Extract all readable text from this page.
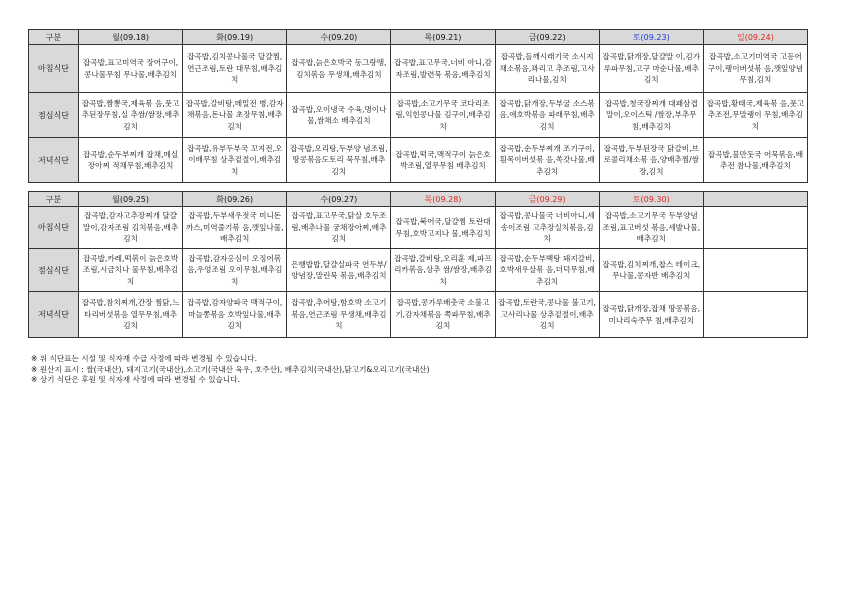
구분	월(09.18)	화(09.19)	수(09.20)	목(09.21)	금(09.22)	토(09.23)	일(09.24)
아침식단	잡곡밥,표고미역국 장어구이,콩나물무침 무나물,배추김치	잡곡밥,김치콩나물국 달걀찜,연근조림,토란 대무침,배추김치	잡곡밥,늙은호박국 동그랑땡,김치볶음 무생채,배추김치	잡곡밥,표고무국,너비 아니,감자조림,발련묵 볶음,배추김치	잡곡밥,들깨시래기국 소시지채소볶음,꽈리고 추조림,고사리나물,김치	잡곡밥,닭개장,달걀말 이,김가루파무침,고구 마순나물,배추김치	잡곡밥,소고기미역국 고등어구이,팽이버섯볶 음,깻잎양념무침,김치
점심식단	잡곡밥,짬뽕국,제육볶 음,풋고추된장무침,실 추쌈/쌈장,배추김치	잡곡밥,갈비탕,메밀전 병,감자채볶음,돈나물 초장무침,배추김치	잡곡밥,오이냉국 수육,명이나물,쌈채소 배추김치	잡곡밥,소고기무국 코다리조림,익힌콩나물 김구이,배추김치	잡곡밥,닭개장,두부굴 소스볶음,애호박볶음 파래무침,배추김치	잡곡밥,청국장찌개 대패삼겹말이,오이스틱 /쌈장,부추무침,배추김치	잡곡밥,황태국,제육볶 음,풋고추조전,무말랭이 무침,배추김치
저녁식단	잡곡밥,순두부찌개 잡채,메실장아찌 적채무침,배추김치	잡곡밥,유부두부국 꼬지전,오이배무침 상추겉절이,배추김치	잡곡밥,오리탕,두부양 념조림,땅콩볶음도토리 묵무침,배추김치	잡곡밥,떡국,맥적구이 늙은호박조림,열무무침 배추김치	잡곡밥,순두부찌개 조기구이,흰목이버섯볶 음,쏙갓나물,배추김치	잡곡밥,두부된장국 닭갈비,브로콜리채소볶 음,양배추찜/쌈장,김치	잡곡밥,물만둣국 어묵볶음,배추전 참나물,배추김치
구분	월(09.25)	화(09.26)	수(09.27)	목(09.28)	금(09.29)	토(09.30)	
아침식단	잡곡밥,감자고추장찌개 달걀말이,감자조림 김치볶음,배추김치	잡곡밥,두부새우젓국 미니돈까스,미역줄기볶 음,깻잎나물,배추김치	잡곡밥,표고무국,닭살 호두조림,배추나물 궁채장아찌,배추김치	잡곡밥,북어국,달걀찜 토란대무침,호박고지나 물,배추김치	잡곡밥,콩나물국 너비아니,세송이조림 고추장실치볶음,김치	잡곡밥,소고기무국 두부양념조림,표고버섯 볶음,세발나물,배추김치	
점심식단	잡곡밥,카레,떡볶이 늙은호박조림,시금치나 물무침,배추김치	잡곡밥,감자옹심이 오징어볶음,우엉조림 오이무침,배추김치	은행밥밥,달걀실파국 연두부/양념장,말린묵 볶음,배추김치	잡곡밥,갈비탕,오리훈 제,파프리카볶음,상추 쌈/쌈장,배추김치	잡곡밥,순두부백탕 돼지갈비,호박새우살볶 음,더덕무침,배추김치	잡곡밥,김치찌개,찹스 테이크,무나물,콩자반 배추김치	
저녁식단	잡곡밥,참치찌개,간장 찜닭,느타리버섯볶음 열무무침,배추김치	잡곡밥,감자양파국 맥적구이,마늘쫑볶음 호박잎나물,배추김치	잡곡밥,추어탕,함호박 소고기볶음,연근조림 무생채,배추김치	잡곡밥,콩가루배춧국 소불고기,감자채볶음 쪽파무침,배추김치	잡곡밥,토란국,콩나물 불고기,고사리나물 상추겉절이,배추김치	잡곡밥,닭개장,잡채 땅콩볶음,미나리숙주무 침,배추김치	
※ 위 식단표는 시설 및 식자재 수급 사정에 따라 변경될 수 있습니다.
※ 원산지 표시 : 쌀(국내산), 돼지고기(국내산),소고기(국내산 육우, 호주산), 배추김치(국내산),닭고기&오리고기(국내산)
※ 상기 식단은 후원 및 식자재 사정에 따라 변경될 수 있습니다.
